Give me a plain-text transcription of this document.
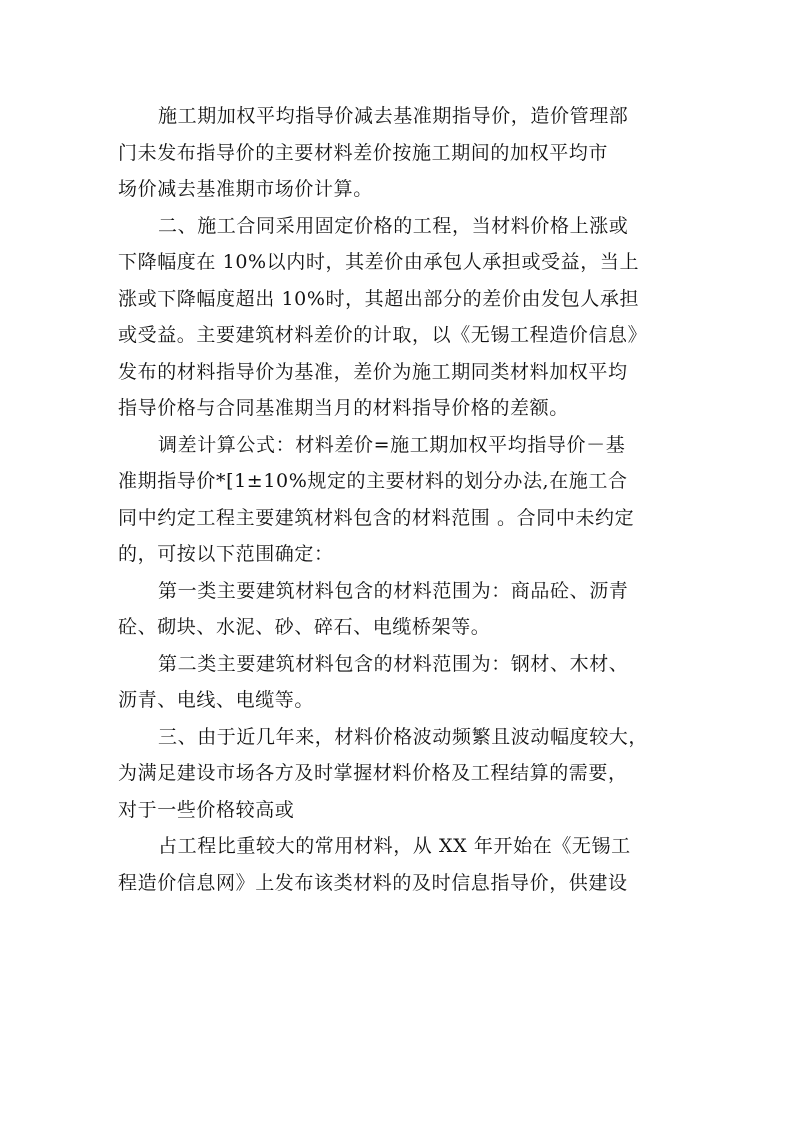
施工期加权平均指导价减去基准期指导价，造价管理部
门未发布指导价的主要材料差价按施工期间的加权平均市
场价减去基准期市场价计算。

二、施工合同采用固定价格的工程，当材料价格上涨或
下降幅度在 10%以内时，其差价由承包人承担或受益，当上
涨或下降幅度超出 10%时，其超出部分的差价由发包人承担
或受益。主要建筑材料差价的计取，以《无锡工程造价信息》
发布的材料指导价为基准，差价为施工期同类材料加权平均
指导价格与合同基准期当月的材料指导价格的差额。

调差计算公式：材料差价=施工期加权平均指导价－基
准期指导价*[1±10%规定的主要材料的划分办法,在施工合
同中约定工程主要建筑材料包含的材料范围 。合同中未约定
的，可按以下范围确定：

第一类主要建筑材料包含的材料范围为：商品砼、沥青
砼、砌块、水泥、砂、碎石、电缆桥架等。

第二类主要建筑材料包含的材料范围为：钢材、木材、
沥青、电线、电缆等。

三、由于近几年来，材料价格波动频繁且波动幅度较大，
为满足建设市场各方及时掌握材料价格及工程结算的需要，
对于一些价格较高或

占工程比重较大的常用材料，从 XX 年开始在《无锡工
程造价信息网》上发布该类材料的及时信息指导价，供建设
